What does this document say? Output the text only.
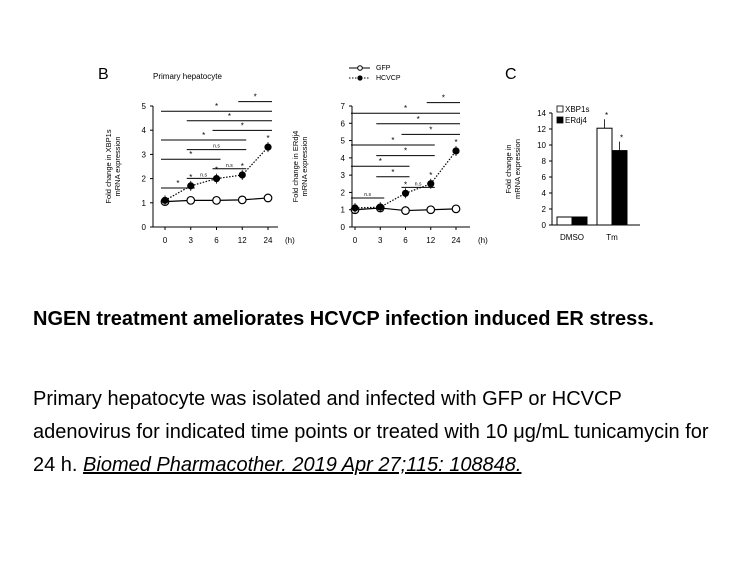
B	Primary hepatocyte	C
GFP
HCVCP
0
1
2
3
4
5
0	3	6 12 24 (h)
Fold change in XBP1s mRNA expression	*
*	*
*
*
n.s
n.s
*
n.s
*
*
*
*
*
0
1
2
3
4
5
6
7
0	3	6 12 24 (h)
Fold change in ERdj4 mRNA expression	*
*
*
n.s
n.s
*
*
*
*
*
*
*
*
0
2
4
6
8
10
12
14
Fold change in mRNA expression
DMSO
*
*
Tm
XBP1s
ERdj4
NGEN treatment ameliorates HCVCP infection induced ER stress.
Primary hepatocyte was isolated and infected with GFP or HCVCP adenovirus for indicated time points or treated with 10 μg/mL tunicamycin for 24 h. Biomed Pharmacother. 2019 Apr 27;115: 108848.
